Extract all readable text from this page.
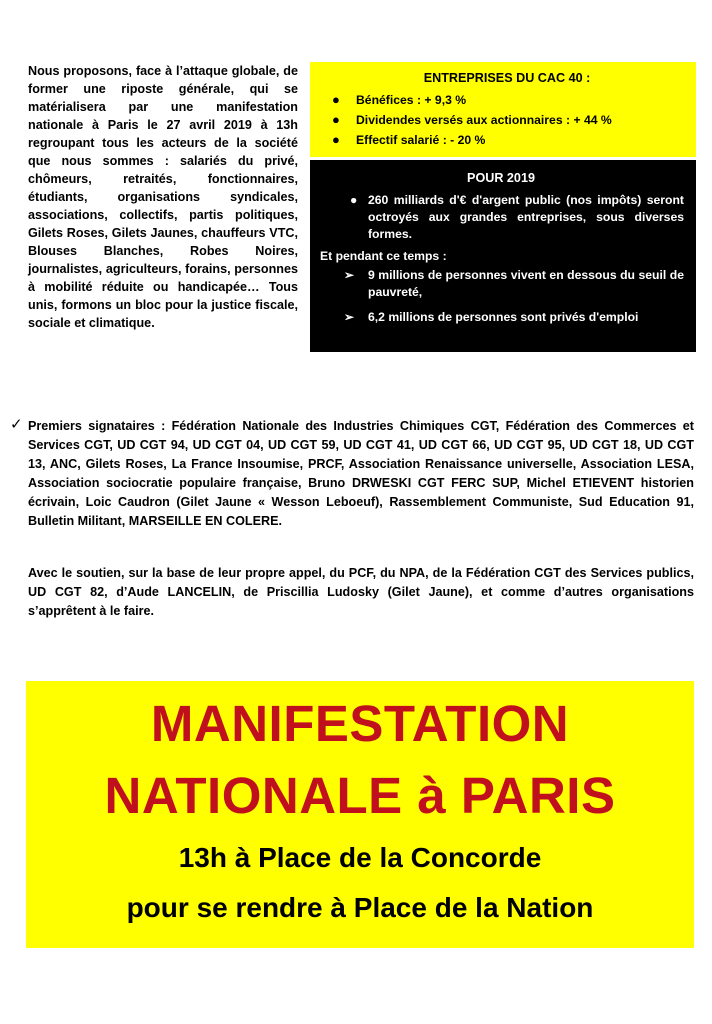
Nous proposons, face à l’attaque globale, de former une riposte générale, qui se matérialisera par une manifestation nationale à Paris le 27 avril 2019 à 13h regroupant tous les acteurs de la société que nous sommes : salariés du privé, chômeurs, retraités, fonctionnaires, étudiants, organisations syndicales, associations, collectifs, partis politiques, Gilets Roses, Gilets Jaunes, chauffeurs VTC, Blouses Blanches, Robes Noires, journalistes, agriculteurs, forains, personnes à mobilité réduite ou handicapée… Tous unis, formons un bloc pour la justice fiscale, sociale et climatique.
ENTREPRISES DU CAC 40 :
● Bénéfices : + 9,3 %
● Dividendes versés aux actionnaires : + 44 %
● Effectif salarié : - 20 %
POUR 2019
● 260 milliards d'€ d'argent public (nos impôts) seront octroyés aux grandes entreprises, sous diverses formes.
Et pendant ce temps :
➢ 9 millions de personnes vivent en dessous du seuil de pauvreté,
➢ 6,2 millions de personnes sont privés d'emploi
✓ Premiers signataires : Fédération Nationale des Industries Chimiques CGT, Fédération des Commerces et Services CGT, UD CGT 94, UD CGT 04, UD CGT 59, UD CGT 41, UD CGT 66, UD CGT 95, UD CGT 18, UD CGT 13, ANC, Gilets Roses, La France Insoumise, PRCF, Association Renaissance universelle, Association LESA, Association sociocratie populaire française, Bruno DRWESKI CGT FERC SUP, Michel ETIEVENT historien écrivain, Loic Caudron (Gilet Jaune « Wesson Leboeuf), Rassemblement Communiste, Sud Education 91, Bulletin Militant, MARSEILLE EN COLERE.
Avec le soutien, sur la base de leur propre appel, du PCF, du NPA, de la Fédération CGT des Services publics, UD CGT 82, d’Aude LANCELIN, de Priscillia Ludosky (Gilet Jaune), et comme d’autres organisations s’apprêtent à le faire.
MANIFESTATION
NATIONALE à PARIS
13h à Place de la Concorde
pour se rendre à Place de la Nation
